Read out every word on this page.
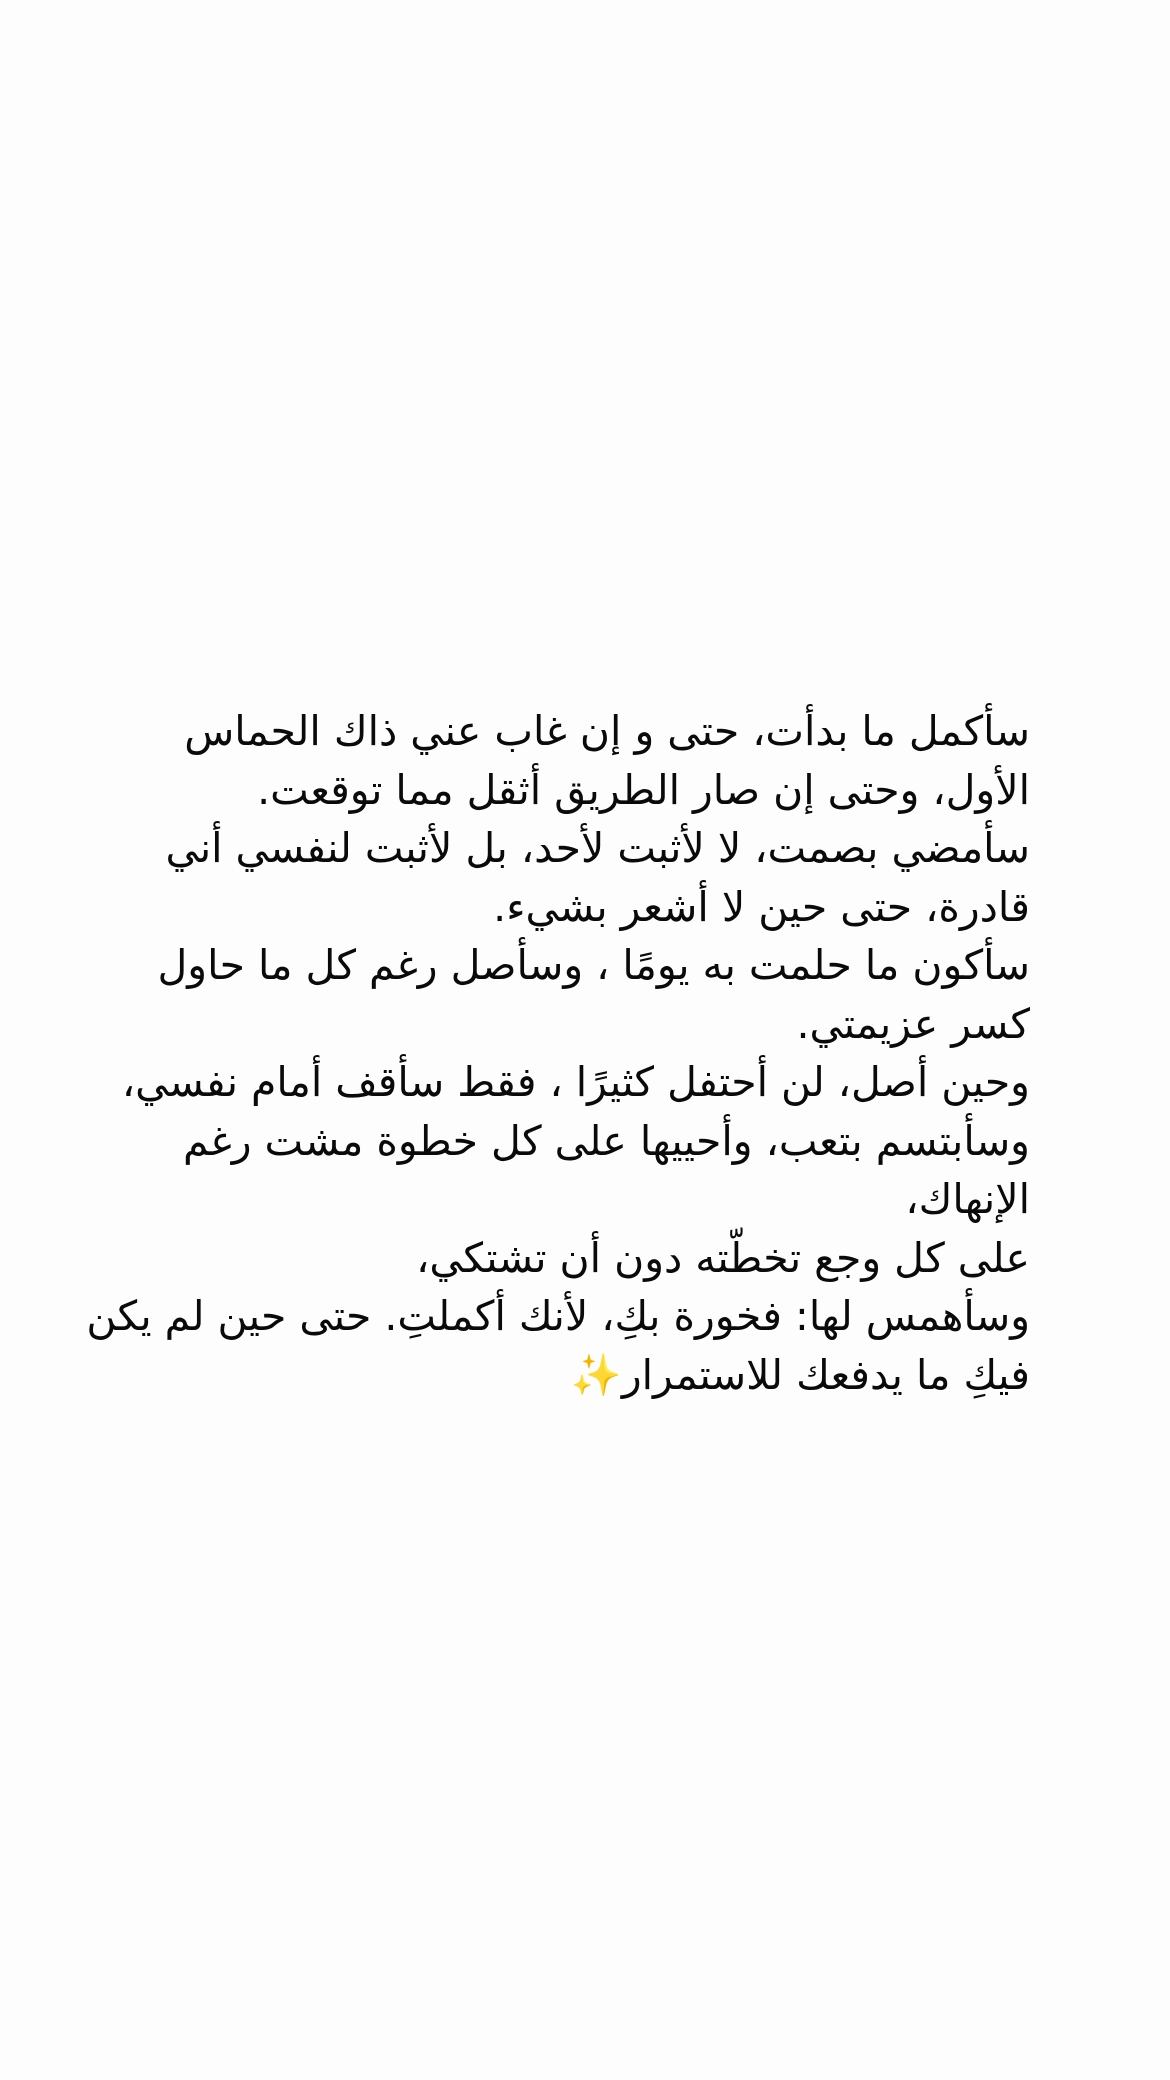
سأكمل ما بدأت، حتى و إن غاب عني ذاك الحماس
الأول، وحتى إن صار الطريق أثقل مما توقعت.
سأمضي بصمت، لا لأثبت لأحد، بل لأثبت لنفسي أني
قادرة، حتى حين لا أشعر بشيء.
سأكون ما حلمت به يومًا ، وسأصل رغم كل ما حاول
كسر عزيمتي.
وحين أصل، لن أحتفل كثيرًا ، فقط سأقف أمام نفسي،
وسأبتسم بتعب، وأحييها على كل خطوة مشت رغم
الإنهاك،
على كل وجع تخطّته دون أن تشتكي،
وسأهمس لها: فخورة بكِ، لأنك أكملتِ. حتى حين لم يكن
فيكِ ما يدفعك للاستمرار✨
